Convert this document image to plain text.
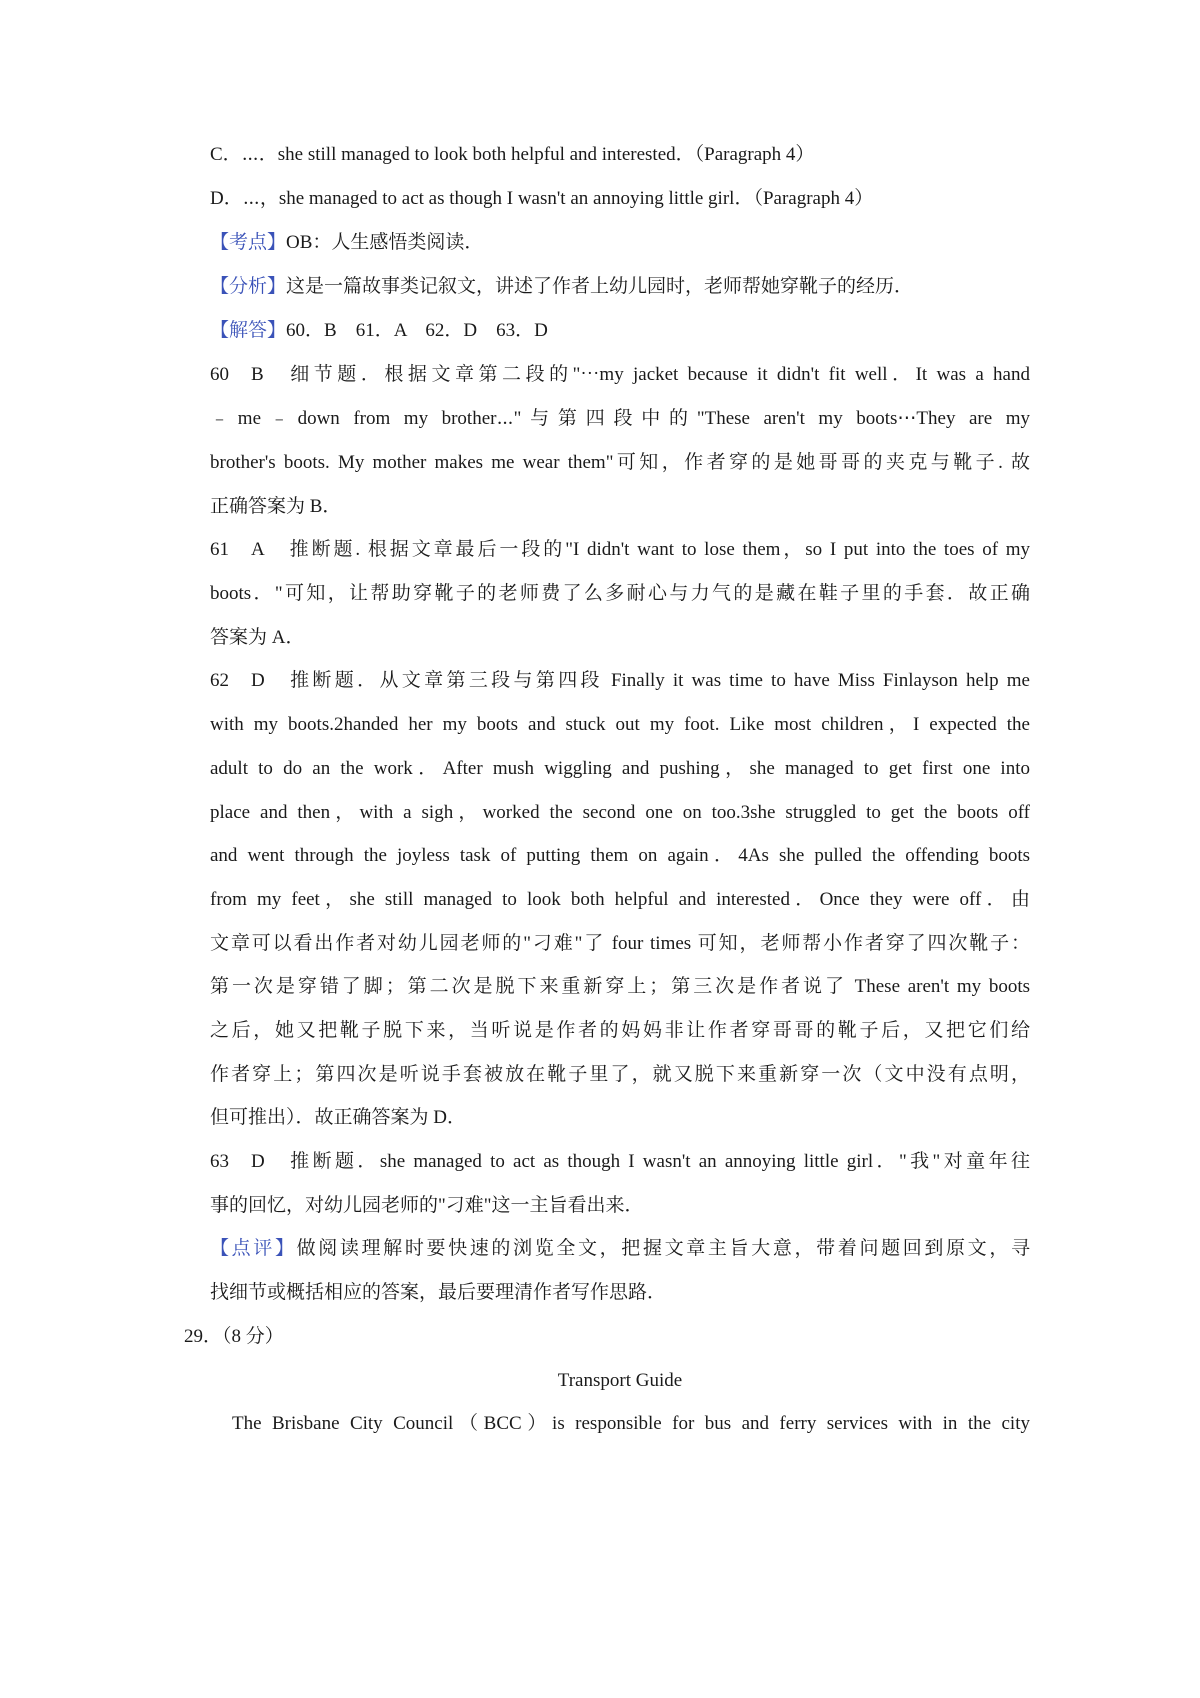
C．⋯．she still managed to look both helpful and interested．（Paragraph 4）
D．⋯，she managed to act as though I wasn't an annoying little girl．（Paragraph 4）
【考点】OB：人生感悟类阅读．
【分析】这是一篇故事类记叙文，讲述了作者上幼儿园时，老师帮她穿靴子的经历．
【解答】60．B　61．A　62．D　63．D
60 B 细节题．根据文章第二段的"⋯my jacket because it didn't fit well．It was a hand
﹣me﹣down from my brother⋯"与第四段中的"These aren't my boots⋯They are my
brother's boots. My mother makes me wear them"可知，作者穿的是她哥哥的夹克与靴子. 故
正确答案为 B．
61 A 推断题. 根据文章最后一段的"I didn't want to lose them，so I put into the toes of my
boots．"可知，让帮助穿靴子的老师费了么多耐心与力气的是藏在鞋子里的手套．故正确
答案为 A．
62 D 推断题．从文章第三段与第四段 Finally it was time to have Miss Finlayson help me
with my boots.2handed her my boots and stuck out my foot. Like most children，I expected the
adult to do an the work．After mush wiggling and pushing，she managed to get first one into
place and then，with a sigh，worked the second one on too.3she struggled to get the boots off
and went through the joyless task of putting them on again．4As she pulled the offending boots
from my feet，she still managed to look both helpful and interested．Once they were off．由
文章可以看出作者对幼儿园老师的"刁难"了 four times 可知，老师帮小作者穿了四次靴子：
第一次是穿错了脚；第二次是脱下来重新穿上；第三次是作者说了 These aren't my boots
之后，她又把靴子脱下来，当听说是作者的妈妈非让作者穿哥哥的靴子后，又把它们给
作者穿上；第四次是听说手套被放在靴子里了，就又脱下来重新穿一次（文中没有点明，
但可推出）．故正确答案为 D．
63 D 推断题．she managed to act as though I wasn't an annoying little girl．"我"对童年往
事的回忆，对幼儿园老师的"刁难"这一主旨看出来．
【点评】做阅读理解时要快速的浏览全文，把握文章主旨大意，带着问题回到原文，寻
找细节或概括相应的答案，最后要理清作者写作思路．
29．（8 分）
Transport Guide
The Brisbane City Council（BCC）is responsible for bus and ferry services with in the city
